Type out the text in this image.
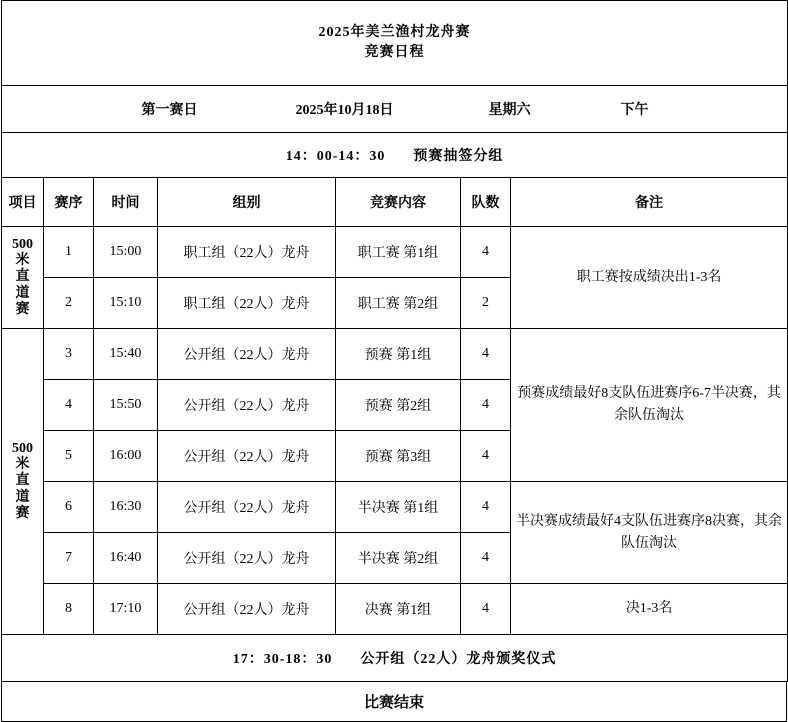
2025年美兰渔村龙舟赛
竞赛日程						

第一赛日 2025年10月18日 星期六 下午						

14：00-14：30 预赛抽签分组						

项目	赛序	时间	组别	竞赛内容	队数	备注

500
米
直
道
赛	1	15:00	职工组（22人）龙舟	职工赛 第1组	4	职工赛按成绩决出1-3名
	2	15:10	职工组（22人）龙舟	职工赛 第2组	2	

500
米
直
道
赛	3	15:40	公开组（22人）龙舟	预赛 第1组	4	预赛成绩最好8支队伍进赛序6-7半决赛，其余队伍淘汰
	4	15:50	公开组（22人）龙舟	预赛 第2组	4	
	5	16:00	公开组（22人）龙舟	预赛 第3组	4	
	6	16:30	公开组（22人）龙舟	半决赛 第1组	4	半决赛成绩最好4支队伍进赛序8决赛，其余队伍淘汰
	7	16:40	公开组（22人）龙舟	半决赛 第2组	4	
	8	17:10	公开组（22人）龙舟	决赛 第1组	4	决1-3名

17：30-18：30 公开组（22人）龙舟颁奖仪式						
比赛结束
